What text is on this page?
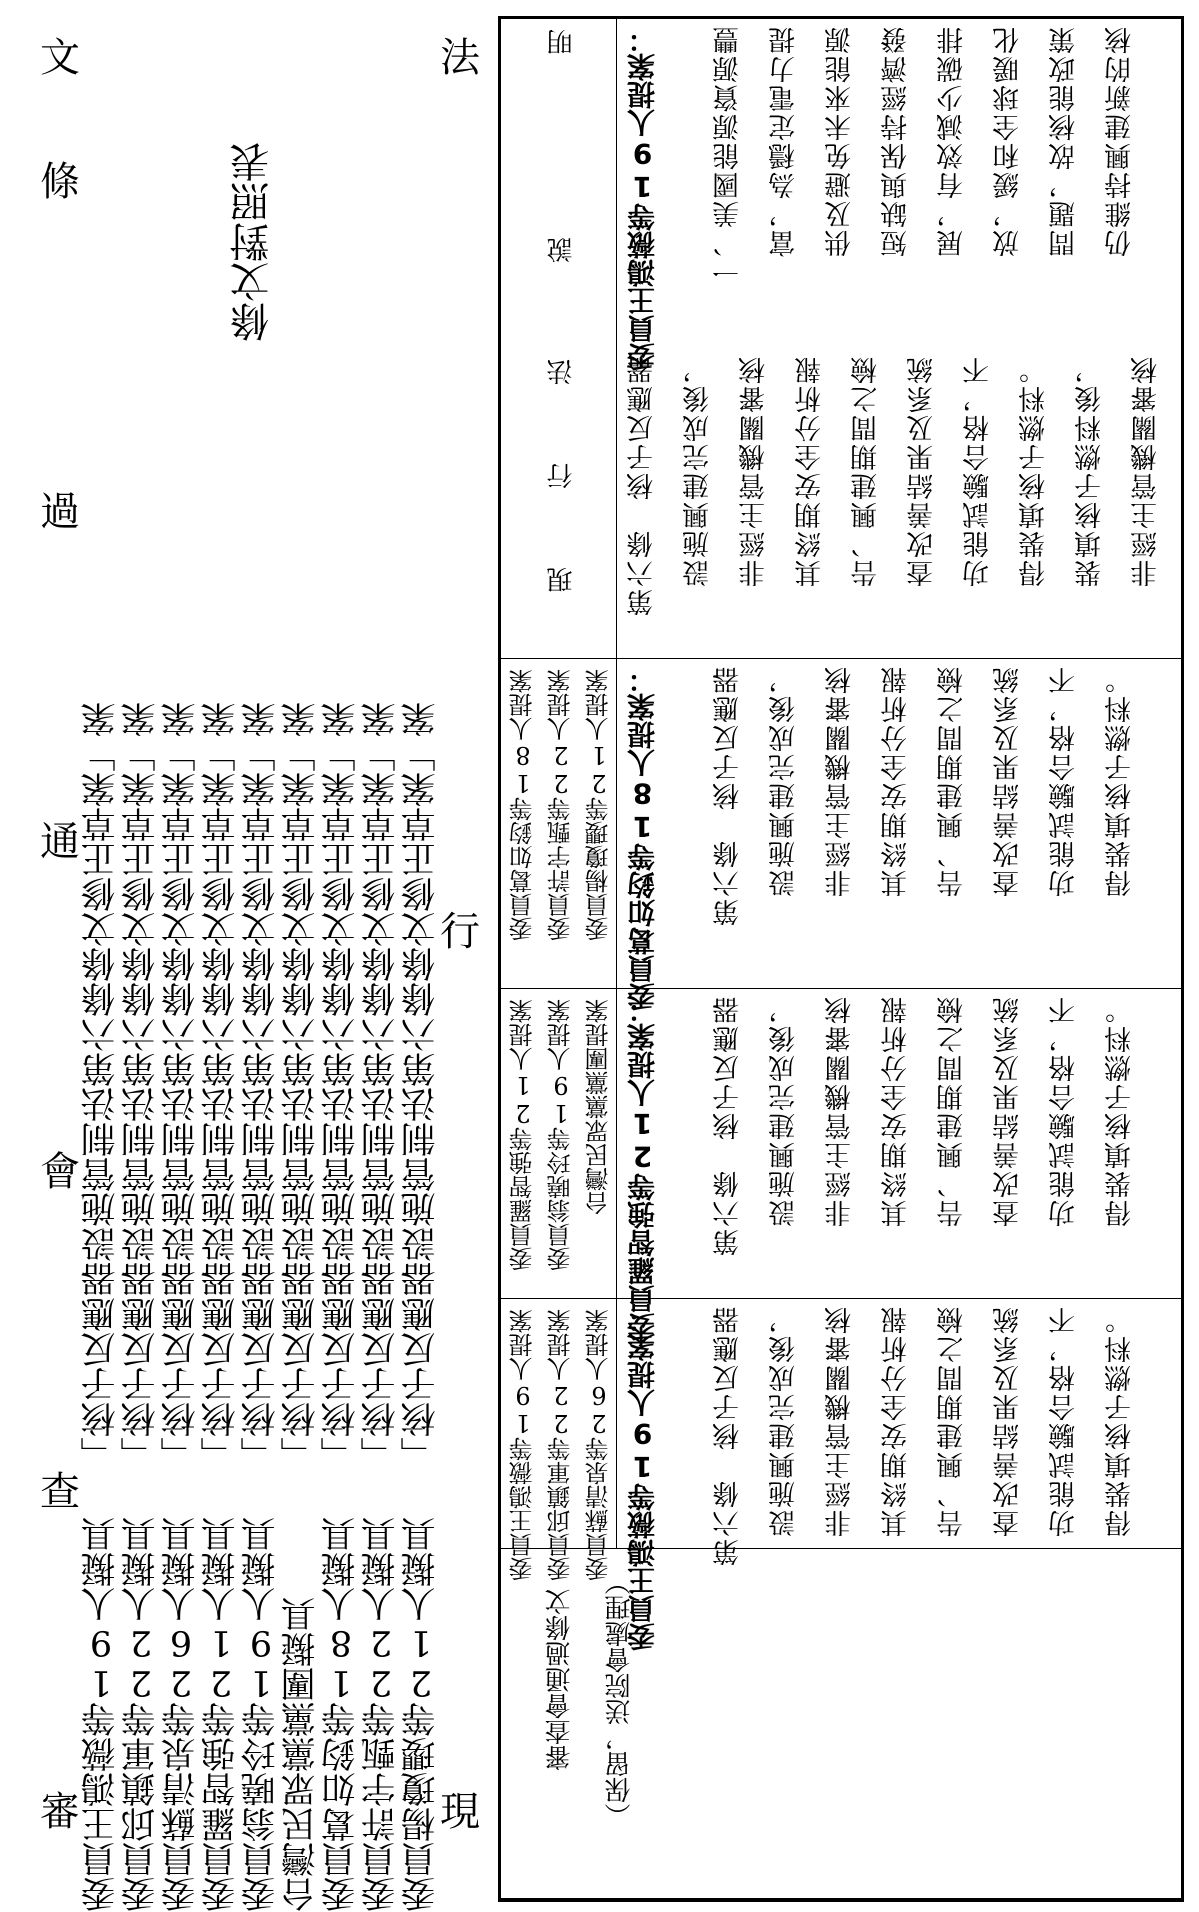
審
查
會
通
過
條
文
委員王鴻薇等19人擬具
「核子反應器設施管制法第六條條文修正草案」案
委員邱鎮軍等22人擬具
「核子反應器設施管制法第六條條文修正草案」案
委員蘇清泉等26人擬具
「核子反應器設施管制法第六條條文修正草案」案
委員羅智強等21人擬具
「核子反應器設施管制法第六條條文修正草案」案
委員翁曉玲等19人擬具
「核子反應器設施管制法第六條條文修正草案」案
台灣民眾黨黨團擬具
「核子反應器設施管制法第六條條文修正草案」案
委員葛如鈞等18人擬具
「核子反應器設施管制法第六條條文修正草案」案
委員許宇甄等22人擬具
「核子反應器設施管制法第六條條文修正草案」案
委員楊瓊瓔等21人擬具
「核子反應器設施管制法第六條條文修正草案」案
現
行
法
條文對照表
審查會通過條文 （保留，送院會處理）
委員王鴻薇等19人提案 委員邱鎮軍等22人提案 委員蘇清泉等26人提案 委員王鴻薇等19人提案： 第六條　核子反應器 設施興建完成後， 非經主管機關審核 其終期安全分析報 告、興建期間之檢 查改善結果及系統 功能試驗合格，不 得裝填核子燃料。
委員羅智強等21人提案 委員翁曉玲等19人提案 台灣民眾黨黨團提案 委員羅智強等21人提案： 第六條　核子反應器 設施興建完成後， 非經主管機關審核 其終期安全分析報 告、興建期間之檢 查改善結果及系統 功能試驗合格，不 得裝填核子燃料。
委員葛如鈞等18人提案 委員許宇甄等22人提案 委員楊瓊瓔等21人提案 委員葛如鈞等18人提案： 第六條　核子反應器 設施興建完成後， 非經主管機關審核 其終期安全分析報 告、興建期間之檢 查改善結果及系統 功能試驗合格，不 得裝填核子燃料。
現　　　行　　　法 第六條　核子反應器 設施興建完成後， 非經主管機關審核 其終期安全分析報 告、興建期間之檢 查改善結果及系統 功能試驗合格，不 得裝填核子燃料。 裝填核子燃料後， 非經主管機關審核
說　　　　　　　明 委員王鴻薇等19人提案： 一、美國能源資源豐 富，為穩定電力提 供及避免未來能源 短缺與保持經濟發 展，有效減少碳排 放，緩和全球暖化 問題，故核能政策 仍維持興建新的核
